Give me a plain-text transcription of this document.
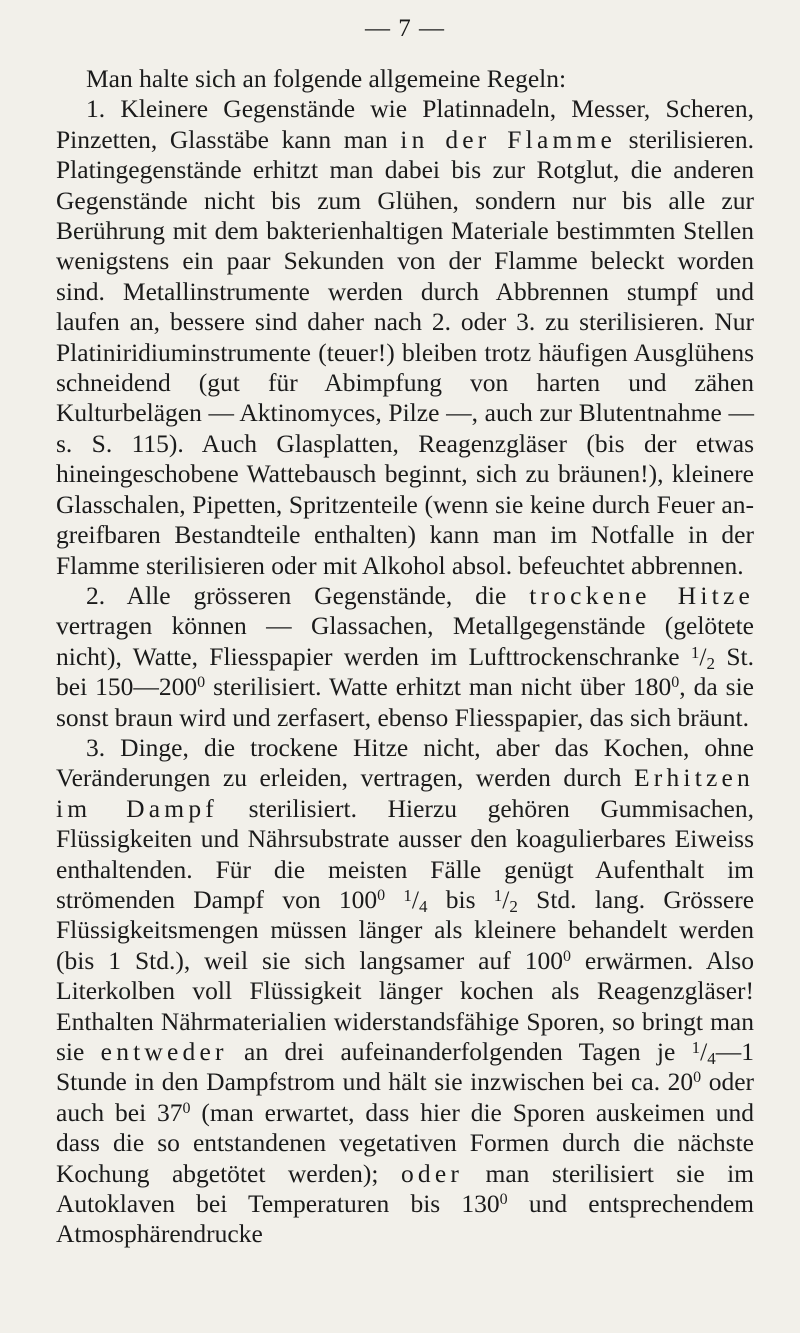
— 7 —

Man halte sich an folgende allgemeine Regeln:

1. Kleinere Gegenstände wie Platinnadeln, Messer, Scheren, Pinzetten, Glasstäbe kann man in der Flamme sterilisieren. Platingegenstände erhitzt man dabei bis zur Rotglut, die anderen Gegenstände nicht bis zum Glühen, sondern nur bis alle zur Berührung mit dem bakterienhaltigen Materiale bestimmten Stellen wenigstens ein paar Sekunden von der Flamme beleckt worden sind. Metallinstrumente werden durch Abbrennen stumpf und laufen an, bessere sind daher nach 2. oder 3. zu sterilisieren. Nur Platiniridiuminstrumente (teuer!) bleiben trotz häufigen Ausglühens schneidend (gut für Abimpfung von harten und zähen Kulturbelägen — Aktinomyces, Pilze —, auch zur Blutentnahme — s. S. 115). Auch Glasplatten, Reagenzgläser (bis der etwas hineingeschobene Wattebausch beginnt, sich zu bräunen!), kleinere Glasschalen, Pipetten, Spritzenteile (wenn sie keine durch Feuer angreifbaren Bestandteile enthalten) kann man im Notfalle in der Flamme sterilisieren oder mit Alkohol absol. befeuchtet abbrennen.

2. Alle grösseren Gegenstände, die trockene Hitze vertragen können — Glassachen, Metallgegenstände (gelötete nicht), Watte, Fliesspapier werden im Lufttrockenschranke $^1$/2 St. bei $150—200^0$ sterilisiert. Watte erhitzt man nicht über $180^0$, da sie sonst braun wird und zerfasert, ebenso Fliesspapier, das sich bräunt.

3. Dinge, die trockene Hitze nicht, aber das Kochen, ohne Veränderungen zu erleiden, vertragen, werden durch Erhitzen im Dampf sterilisiert. Hierzu gehören Gummisachen, Flüssigkeiten und Nährsubstrate ausser den koagulierbares Eiweiss enthaltenden. Für die meisten Fälle genügt Aufenthalt im strömenden Dampf von $100^0$ $^1$/4 bis $^1$/2 Std. lang. Grössere Flüssigkeitsmengen müssen länger als kleinere behandelt werden (bis 1 Std.), weil sie sich langsamer auf $100^0$ erwärmen. Also Literkolben voll Flüssigkeit länger kochen als Reagenzgläser! Enthalten Nährmaterialien widerstandsfähige Sporen, so bringt man sie entweder an drei aufeinanderfolgenden Tagen je $^1$/4—1 Stunde in den Dampfstrom und hält sie inzwischen bei ca. $20^0$ oder auch bei $37^0$ (man erwartet, dass hier die Sporen auskeimen und dass die so entstandenen vegetativen Formen durch die nächste Kochung abgetötet werden); oder man sterilisiert sie im Autoklaven bei Temperaturen bis $130^0$ und entsprechendem Atmosphärendrucke
